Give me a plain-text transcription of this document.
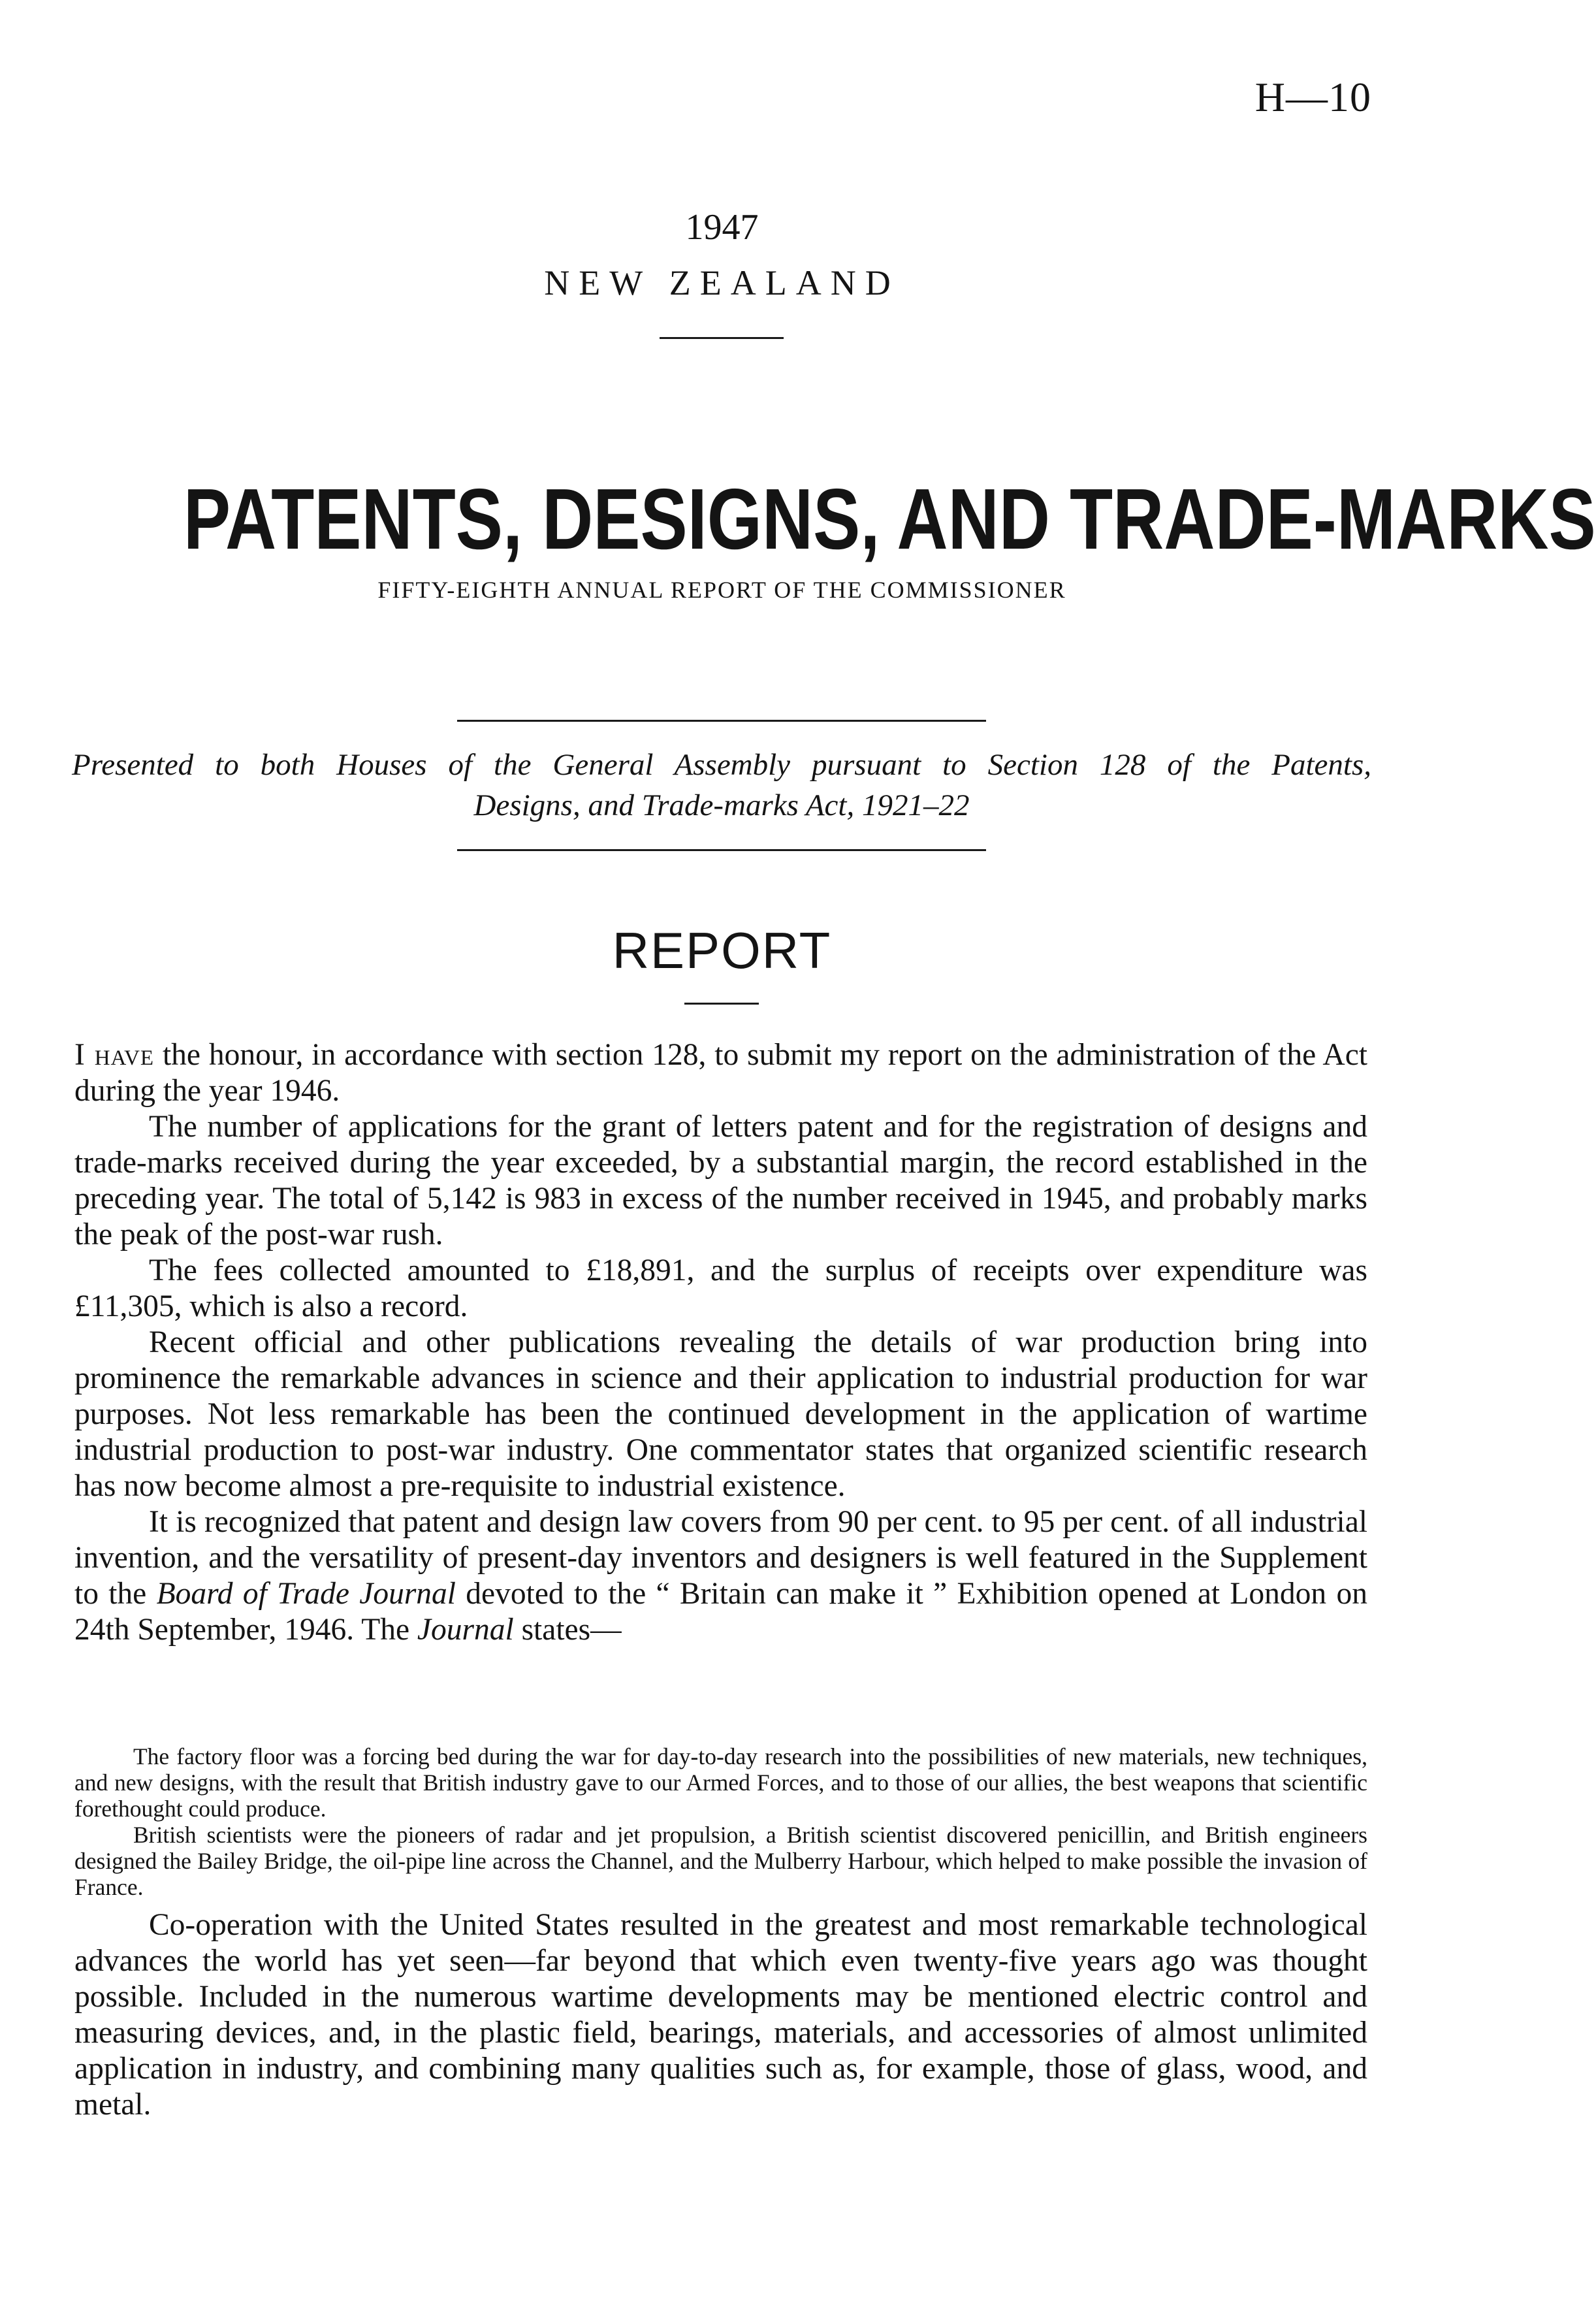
H—10
1947
NEW ZEALAND
PATENTS, DESIGNS, AND TRADE-MARKS
FIFTY-EIGHTH ANNUAL REPORT OF THE COMMISSIONER
Presented to both Houses of the General Assembly pursuant to Section 128 of the Patents,
Designs, and Trade-marks Act, 1921–22
REPORT

I have the honour, in accordance with section 128, to submit my report on the administration of the Act during the year 1946.

The number of applications for the grant of letters patent and for the registration of designs and trade-marks received during the year exceeded, by a substantial margin, the record established in the preceding year. The total of 5,142 is 983 in excess of the number received in 1945, and probably marks the peak of the post-war rush.

The fees collected amounted to £18,891, and the surplus of receipts over expenditure was £11,305, which is also a record.

Recent official and other publications revealing the details of war production bring into prominence the remarkable advances in science and their application to industrial production for war purposes. Not less remarkable has been the continued development in the application of wartime industrial production to post-war industry. One commentator states that organized scientific research has now become almost a pre-requisite to industrial existence.

It is recognized that patent and design law covers from 90 per cent. to 95 per cent. of all industrial invention, and the versatility of present-day inventors and designers is well featured in the Supplement to the Board of Trade Journal devoted to the “ Britain can make it ” Exhibition opened at London on 24th September, 1946. The Journal states—

The factory floor was a forcing bed during the war for day-to-day research into the possibilities of new materials, new techniques, and new designs, with the result that British industry gave to our Armed Forces, and to those of our allies, the best weapons that scientific forethought could produce.

British scientists were the pioneers of radar and jet propulsion, a British scientist discovered penicillin, and British engineers designed the Bailey Bridge, the oil-pipe line across the Channel, and the Mulberry Harbour, which helped to make possible the invasion of France.

Co-operation with the United States resulted in the greatest and most remarkable technological advances the world has yet seen—far beyond that which even twenty-five years ago was thought possible. Included in the numerous wartime developments may be mentioned electric control and measuring devices, and, in the plastic field, bearings, materials, and accessories of almost unlimited application in industry, and combining many qualities such as, for example, those of glass, wood, and metal.
